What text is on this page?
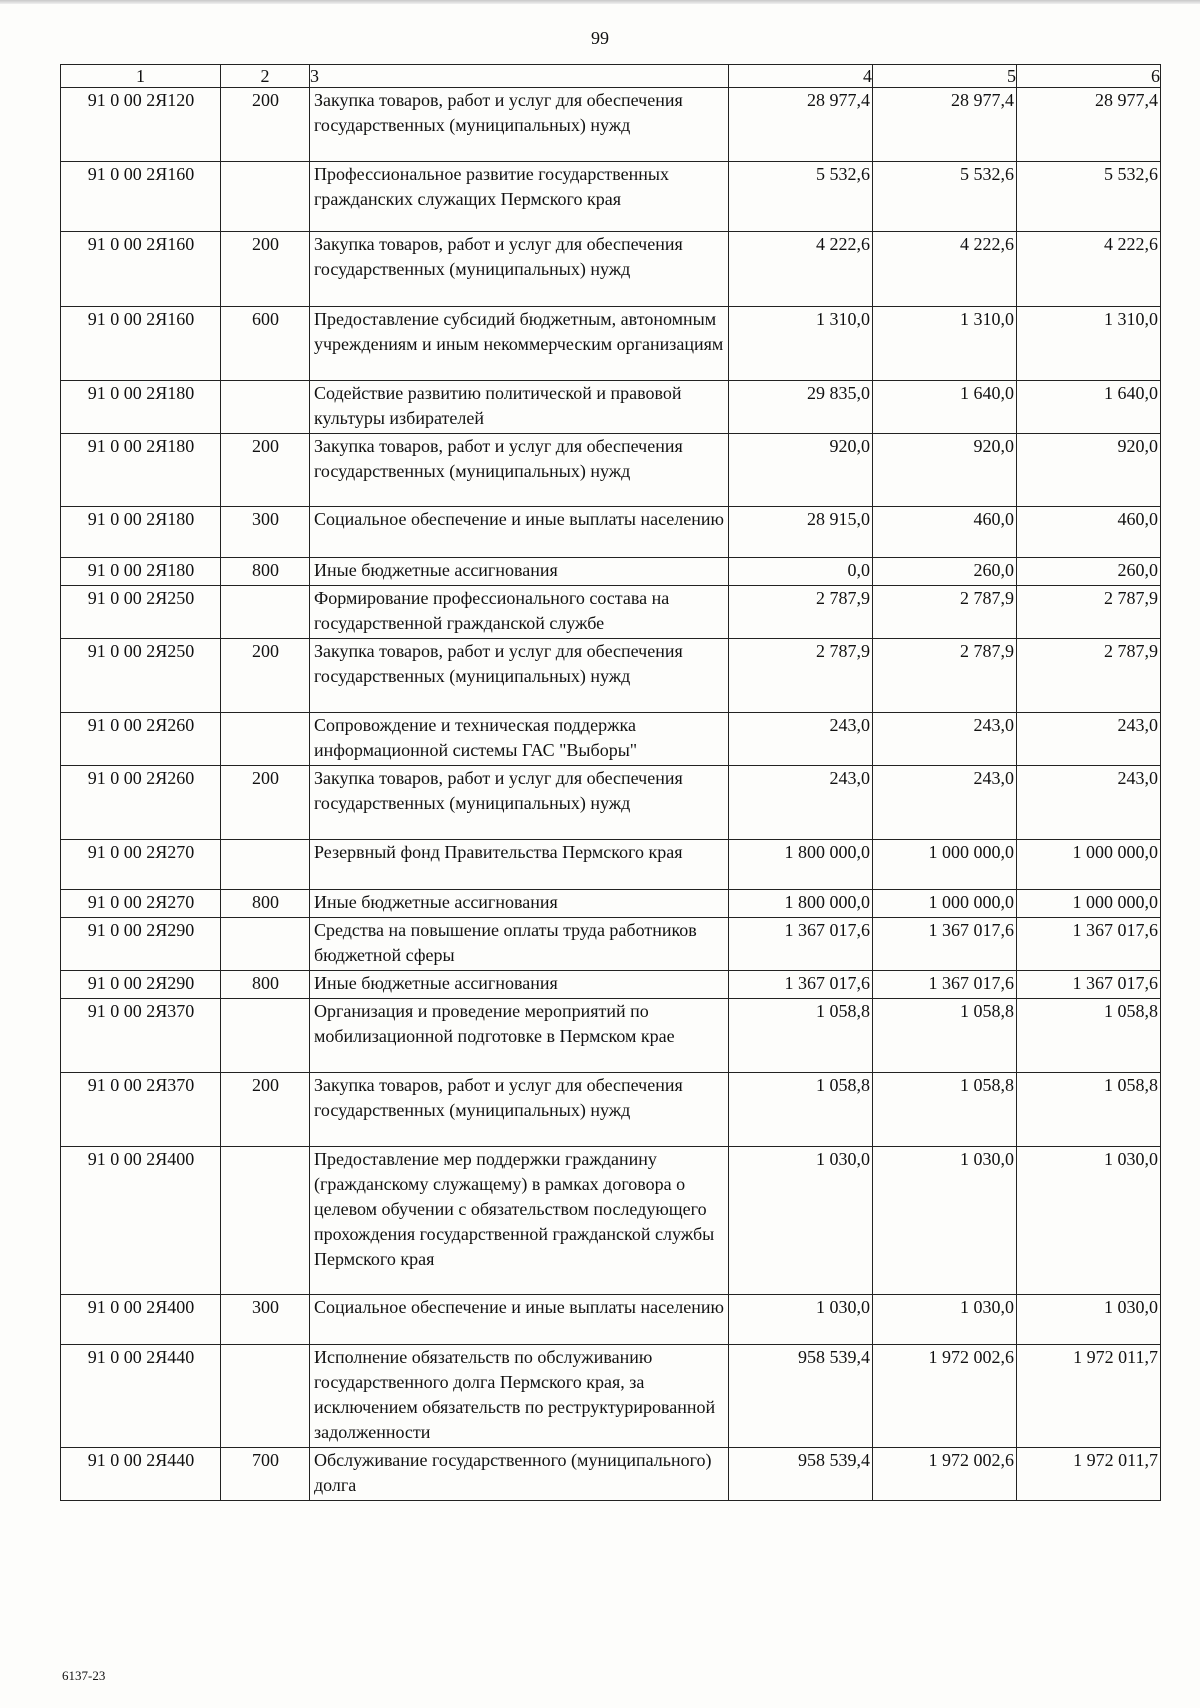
99
1	2	3	4	5	6
91 0 00 2Я120	200	Закупка товаров, работ и услуг для обеспечения государственных (муниципальных) нужд	28 977,4	28 977,4	28 977,4
91 0 00 2Я160		Профессиональное развитие государственных гражданских служащих Пермского края	5 532,6	5 532,6	5 532,6
91 0 00 2Я160	200	Закупка товаров, работ и услуг для обеспечения государственных (муниципальных) нужд	4 222,6	4 222,6	4 222,6
91 0 00 2Я160	600	Предоставление субсидий бюджетным, автономным учреждениям и иным некоммерческим организациям	1 310,0	1 310,0	1 310,0
91 0 00 2Я180		Содействие развитию политической и правовой культуры избирателей	29 835,0	1 640,0	1 640,0
91 0 00 2Я180	200	Закупка товаров, работ и услуг для обеспечения государственных (муниципальных) нужд	920,0	920,0	920,0
91 0 00 2Я180	300	Социальное обеспечение и иные выплаты населению	28 915,0	460,0	460,0
91 0 00 2Я180	800	Иные бюджетные ассигнования	0,0	260,0	260,0
91 0 00 2Я250		Формирование профессионального состава на государственной гражданской службе	2 787,9	2 787,9	2 787,9
91 0 00 2Я250	200	Закупка товаров, работ и услуг для обеспечения государственных (муниципальных) нужд	2 787,9	2 787,9	2 787,9
91 0 00 2Я260		Сопровождение и техническая поддержка информационной системы ГАС "Выборы"	243,0	243,0	243,0
91 0 00 2Я260	200	Закупка товаров, работ и услуг для обеспечения государственных (муниципальных) нужд	243,0	243,0	243,0
91 0 00 2Я270		Резервный фонд Правительства Пермского края	1 800 000,0	1 000 000,0	1 000 000,0
91 0 00 2Я270	800	Иные бюджетные ассигнования	1 800 000,0	1 000 000,0	1 000 000,0
91 0 00 2Я290		Средства на повышение оплаты труда работников бюджетной сферы	1 367 017,6	1 367 017,6	1 367 017,6
91 0 00 2Я290	800	Иные бюджетные ассигнования	1 367 017,6	1 367 017,6	1 367 017,6
91 0 00 2Я370		Организация и проведение мероприятий по мобилизационной подготовке в Пермском крае	1 058,8	1 058,8	1 058,8
91 0 00 2Я370	200	Закупка товаров, работ и услуг для обеспечения государственных (муниципальных) нужд	1 058,8	1 058,8	1 058,8
91 0 00 2Я400		Предоставление мер поддержки гражданину (гражданскому служащему) в рамках договора о целевом обучении с обязательством последующего прохождения государственной гражданской службы Пермского края	1 030,0	1 030,0	1 030,0
91 0 00 2Я400	300	Социальное обеспечение и иные выплаты населению	1 030,0	1 030,0	1 030,0
91 0 00 2Я440		Исполнение обязательств по обслуживанию государственного долга Пермского края, за исключением обязательств по реструктурированной задолженности	958 539,4	1 972 002,6	1 972 011,7
91 0 00 2Я440	700	Обслуживание государственного (муниципального) долга	958 539,4	1 972 002,6	1 972 011,7
6137-23
